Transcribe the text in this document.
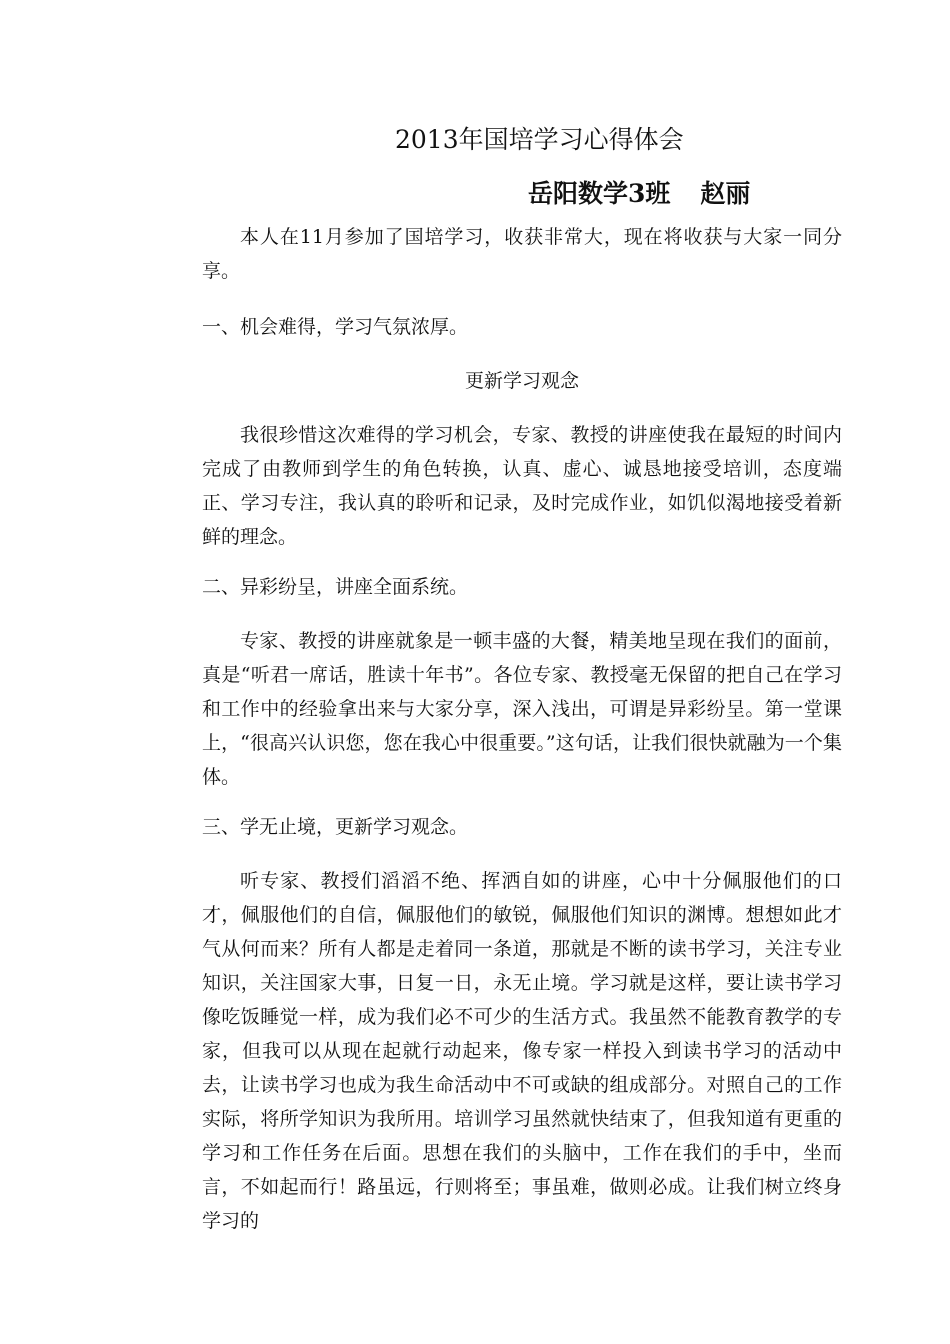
2013年国培学习心得体会
岳阳数学3班 赵丽

本人在11月参加了国培学习，收获非常大，现在将收获与大家一同分享。

一、机会难得，学习气氛浓厚。

更新学习观念

我很珍惜这次难得的学习机会，专家、教授的讲座使我在最短的时间内完成了由教师到学生的角色转换，认真、虚心、诚恳地接受培训，态度端正、学习专注，我认真的聆听和记录，及时完成作业，如饥似渴地接受着新鲜的理念。

二、异彩纷呈，讲座全面系统。

专家、教授的讲座就象是一顿丰盛的大餐，精美地呈现在我们的面前，真是“听君一席话，胜读十年书”。各位专家、教授毫无保留的把自己在学习和工作中的经验拿出来与大家分享，深入浅出，可谓是异彩纷呈。第一堂课上，“很高兴认识您，您在我心中很重要。”这句话，让我们很快就融为一个集体。

三、学无止境，更新学习观念。

听专家、教授们滔滔不绝、挥洒自如的讲座，心中十分佩服他们的口才，佩服他们的自信，佩服他们的敏锐，佩服他们知识的渊博。想想如此才气从何而来？所有人都是走着同一条道，那就是不断的读书学习，关注专业知识，关注国家大事，日复一日，永无止境。学习就是这样，要让读书学习像吃饭睡觉一样，成为我们必不可少的生活方式。我虽然不能教育教学的专家，但我可以从现在起就行动起来，像专家一样投入到读书学习的活动中去，让读书学习也成为我生命活动中不可或缺的组成部分。对照自己的工作实际，将所学知识为我所用。培训学习虽然就快结束了，但我知道有更重的学习和工作任务在后面。思想在我们的头脑中，工作在我们的手中，坐而言，不如起而行！路虽远，行则将至；事虽难，做则必成。让我们树立终身学习的
